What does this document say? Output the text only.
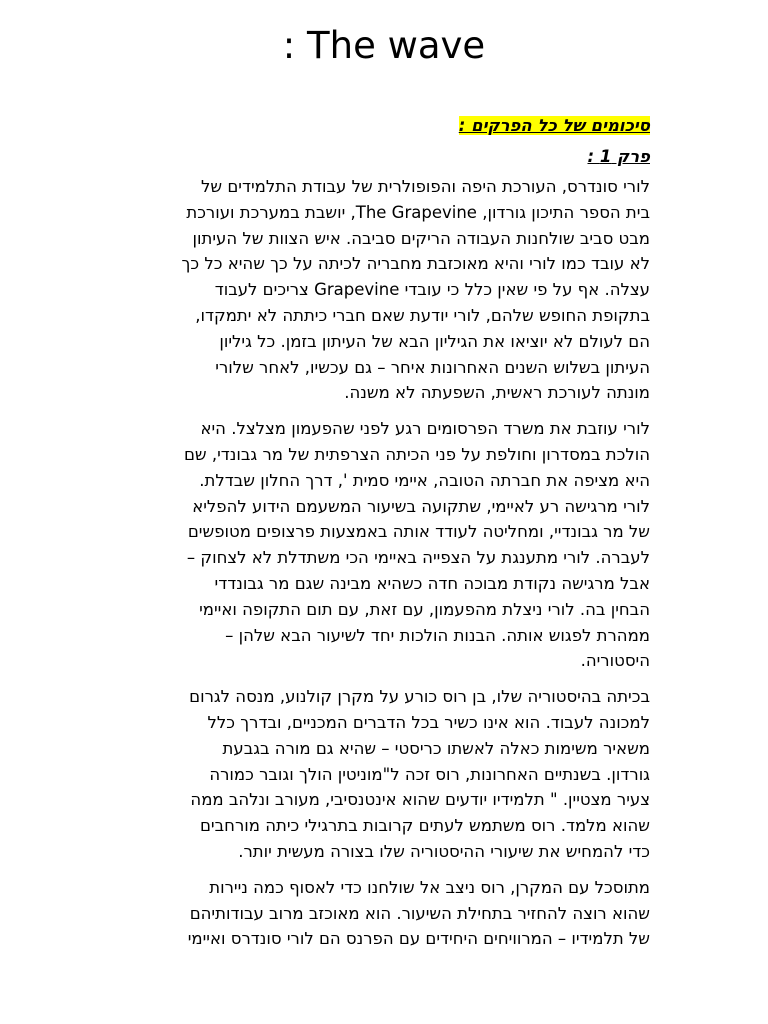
: The wave
סיכומים של כל הפרקים :
פרק 1 :

לורי סונדרס, העורכת היפה והפופולרית של עבודת התלמידים של
בית הספר התיכון גורדון, The Grapevine, יושבת במערכת ועורכת
מבט סביב שולחנות העבודה הריקים סביבה. איש הצוות של העיתון
לא עובד כמו לורי והיא מאוכזבת מחבריה לכיתה על כך שהיא כל כך
עצלה. אף על פי שאין כלל כי עובדי Grapevine צריכים לעבוד
בתקופת החופש שלהם, לורי יודעת שאם חברי כיתתה לא יתמקדו,
הם לעולם לא יוציאו את הגיליון הבא של העיתון בזמן. כל גיליון
העיתון בשלוש השנים האחרונות איחר – גם עכשיו, לאחר שלורי
מונתה לעורכת ראשית, השפעתה לא משנה.

לורי עוזבת את משרד הפרסומים רגע לפני שהפעמון מצלצל. היא
הולכת במסדרון וחולפת על פני הכיתה הצרפתית של מר גבונדי, שם
היא מציפה את חברתה הטובה, איימי סמית ', דרך החלון שבדלת.
לורי מרגישה רע לאיימי, שתקועה בשיעור המשעמם הידוע להפליא
של מר גבונדיי, ומחליטה לעודד אותה באמצעות פרצופים מטופשים
לעברה. לורי מתענגת על הצפייה באיימי הכי משתדלת לא לצחוק –
אבל מרגישה נקודת מבוכה חדה כשהיא מבינה שגם מר גבונדדי
הבחין בה. לורי ניצלת מהפעמון, עם זאת, עם תום התקופה ואיימי
ממהרת לפגוש אותה. הבנות הולכות יחד לשיעור הבא שלהן –
היסטוריה.

בכיתה בהיסטוריה שלו, בן רוס כורע על מקרן קולנוע, מנסה לגרום
למכונה לעבוד. הוא אינו כשיר בכל הדברים המכניים, ובדרך כלל
משאיר משימות כאלה לאשתו כריסטי – שהיא גם מורה בגבעת
גורדון. בשנתיים האחרונות, רוס זכה ל"מוניטין הולך וגובר כמורה
צעיר מצטיין. " תלמידיו יודעים שהוא אינטנסיבי, מעורב ונלהב ממה
שהוא מלמד. רוס משתמש לעתים קרובות בתרגילי כיתה מורחבים
כדי להמחיש את שיעורי ההיסטוריה שלו בצורה מעשית יותר.

מתוסכל עם המקרן, רוס ניצב אל שולחנו כדי לאסוף כמה ניירות
שהוא רוצה להחזיר בתחילת השיעור. הוא מאוכזב מרוב עבודותיהם
של תלמידיו – המרוויחים היחידים עם הפרנס הם לורי סונדרס ואיימי
